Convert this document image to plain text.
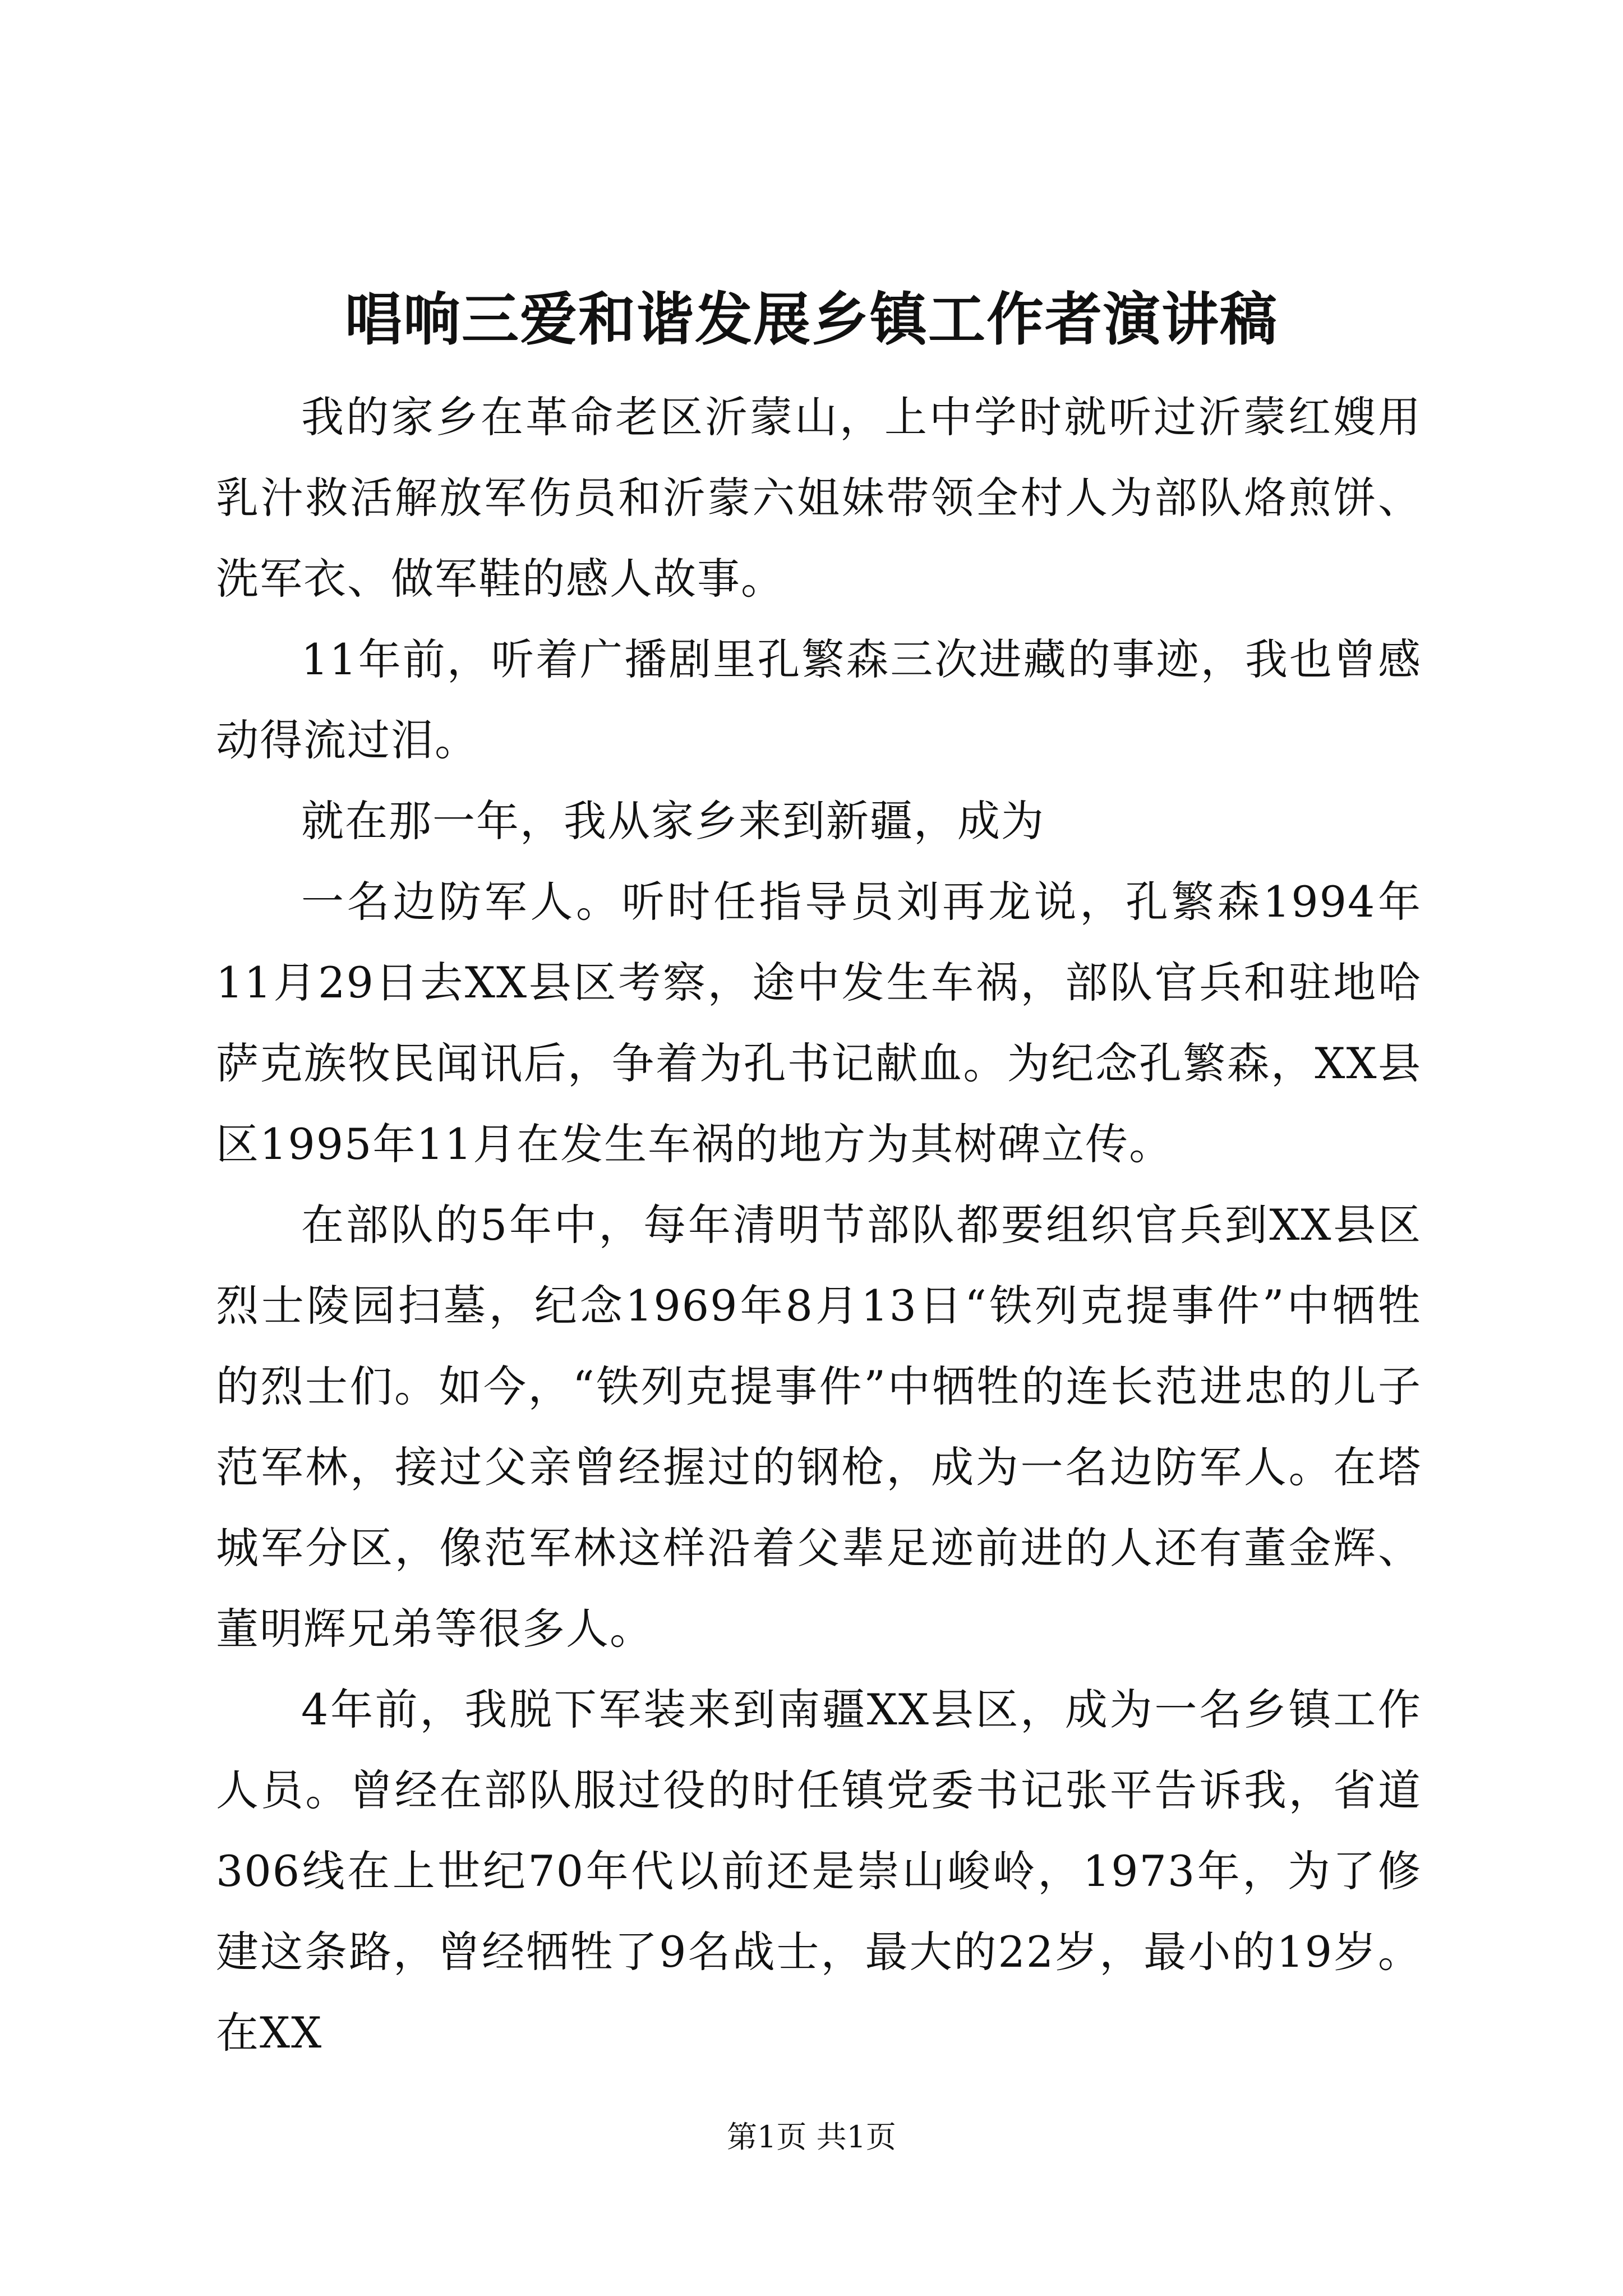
唱响三爱和谐发展乡镇工作者演讲稿

我的家乡在革命老区沂蒙山，上中学时就听过沂蒙红嫂用乳汁救活解放军伤员和沂蒙六姐妹带领全村人为部队烙煎饼、洗军衣、做军鞋的感人故事。

11年前，听着广播剧里孔繁森三次进藏的事迹，我也曾感动得流过泪。

就在那一年，我从家乡来到新疆，成为

一名边防军人。听时任指导员刘再龙说，孔繁森1994年11月29日去XX县区考察，途中发生车祸，部队官兵和驻地哈萨克族牧民闻讯后，争着为孔书记献血。为纪念孔繁森，XX县区1995年11月在发生车祸的地方为其树碑立传。

在部队的5年中，每年清明节部队都要组织官兵到XX县区烈士陵园扫墓，纪念1969年8月13日“铁列克提事件”中牺牲的烈士们。如今，“铁列克提事件”中牺牲的连长范进忠的儿子范军林，接过父亲曾经握过的钢枪，成为一名边防军人。在塔城军分区，像范军林这样沿着父辈足迹前进的人还有董金辉、董明辉兄弟等很多人。

4年前，我脱下军装来到南疆XX县区，成为一名乡镇工作人员。曾经在部队服过役的时任镇党委书记张平告诉我，省道306线在上世纪70年代以前还是崇山峻岭，1973年，为了修建这条路，曾经牺牲了9名战士，最大的22岁，最小的19岁。在XX

第1页 共1页
